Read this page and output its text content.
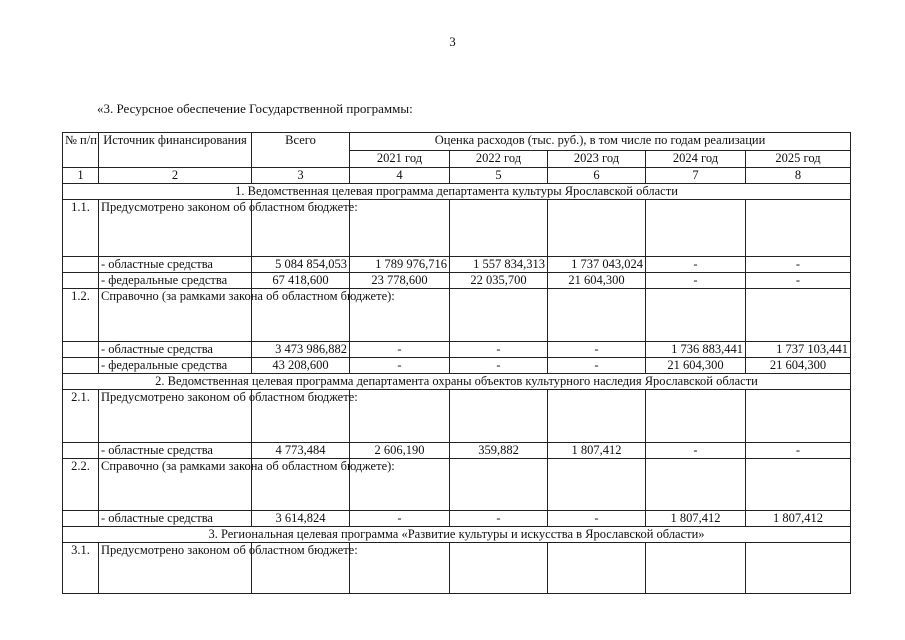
3
«3. Ресурсное обеспечение Государственной программы:
№ п/п	Источник финансирования	Всего	Оценка расходов (тыс. руб.), в том числе по годам реализации				
			2021 год	2022 год	2023 год	2024 год	2025 год
1	2	3	4	5	6	7	8
1. Ведомственная целевая программа департамента культуры Ярославской области							
1.1.	Предусмотрено законом об областном бюджете:						
	- областные средства	5 084 854,053	1 789 976,716	1 557 834,313	1 737 043,024	-	-
	- федеральные средства	67 418,600	23 778,600	22 035,700	21 604,300	-	-
1.2.	Справочно (за рамками закона об областном бюджете):						
	- областные средства	3 473 986,882	-	-	-	1 736 883,441	1 737 103,441
	- федеральные средства	43 208,600	-	-	-	21 604,300	21 604,300
2. Ведомственная целевая программа департамента охраны объектов культурного наследия Ярославской области							
2.1.	Предусмотрено законом об областном бюджете:						
	- областные средства	4 773,484	2 606,190	359,882	1 807,412	-	-
2.2.	Справочно (за рамками закона об областном бюджете):						
	- областные средства	3 614,824	-	-	-	1 807,412	1 807,412
3. Региональная целевая программа «Развитие культуры и искусства в Ярославской области»							
3.1.	Предусмотрено законом об областном бюджете:						
